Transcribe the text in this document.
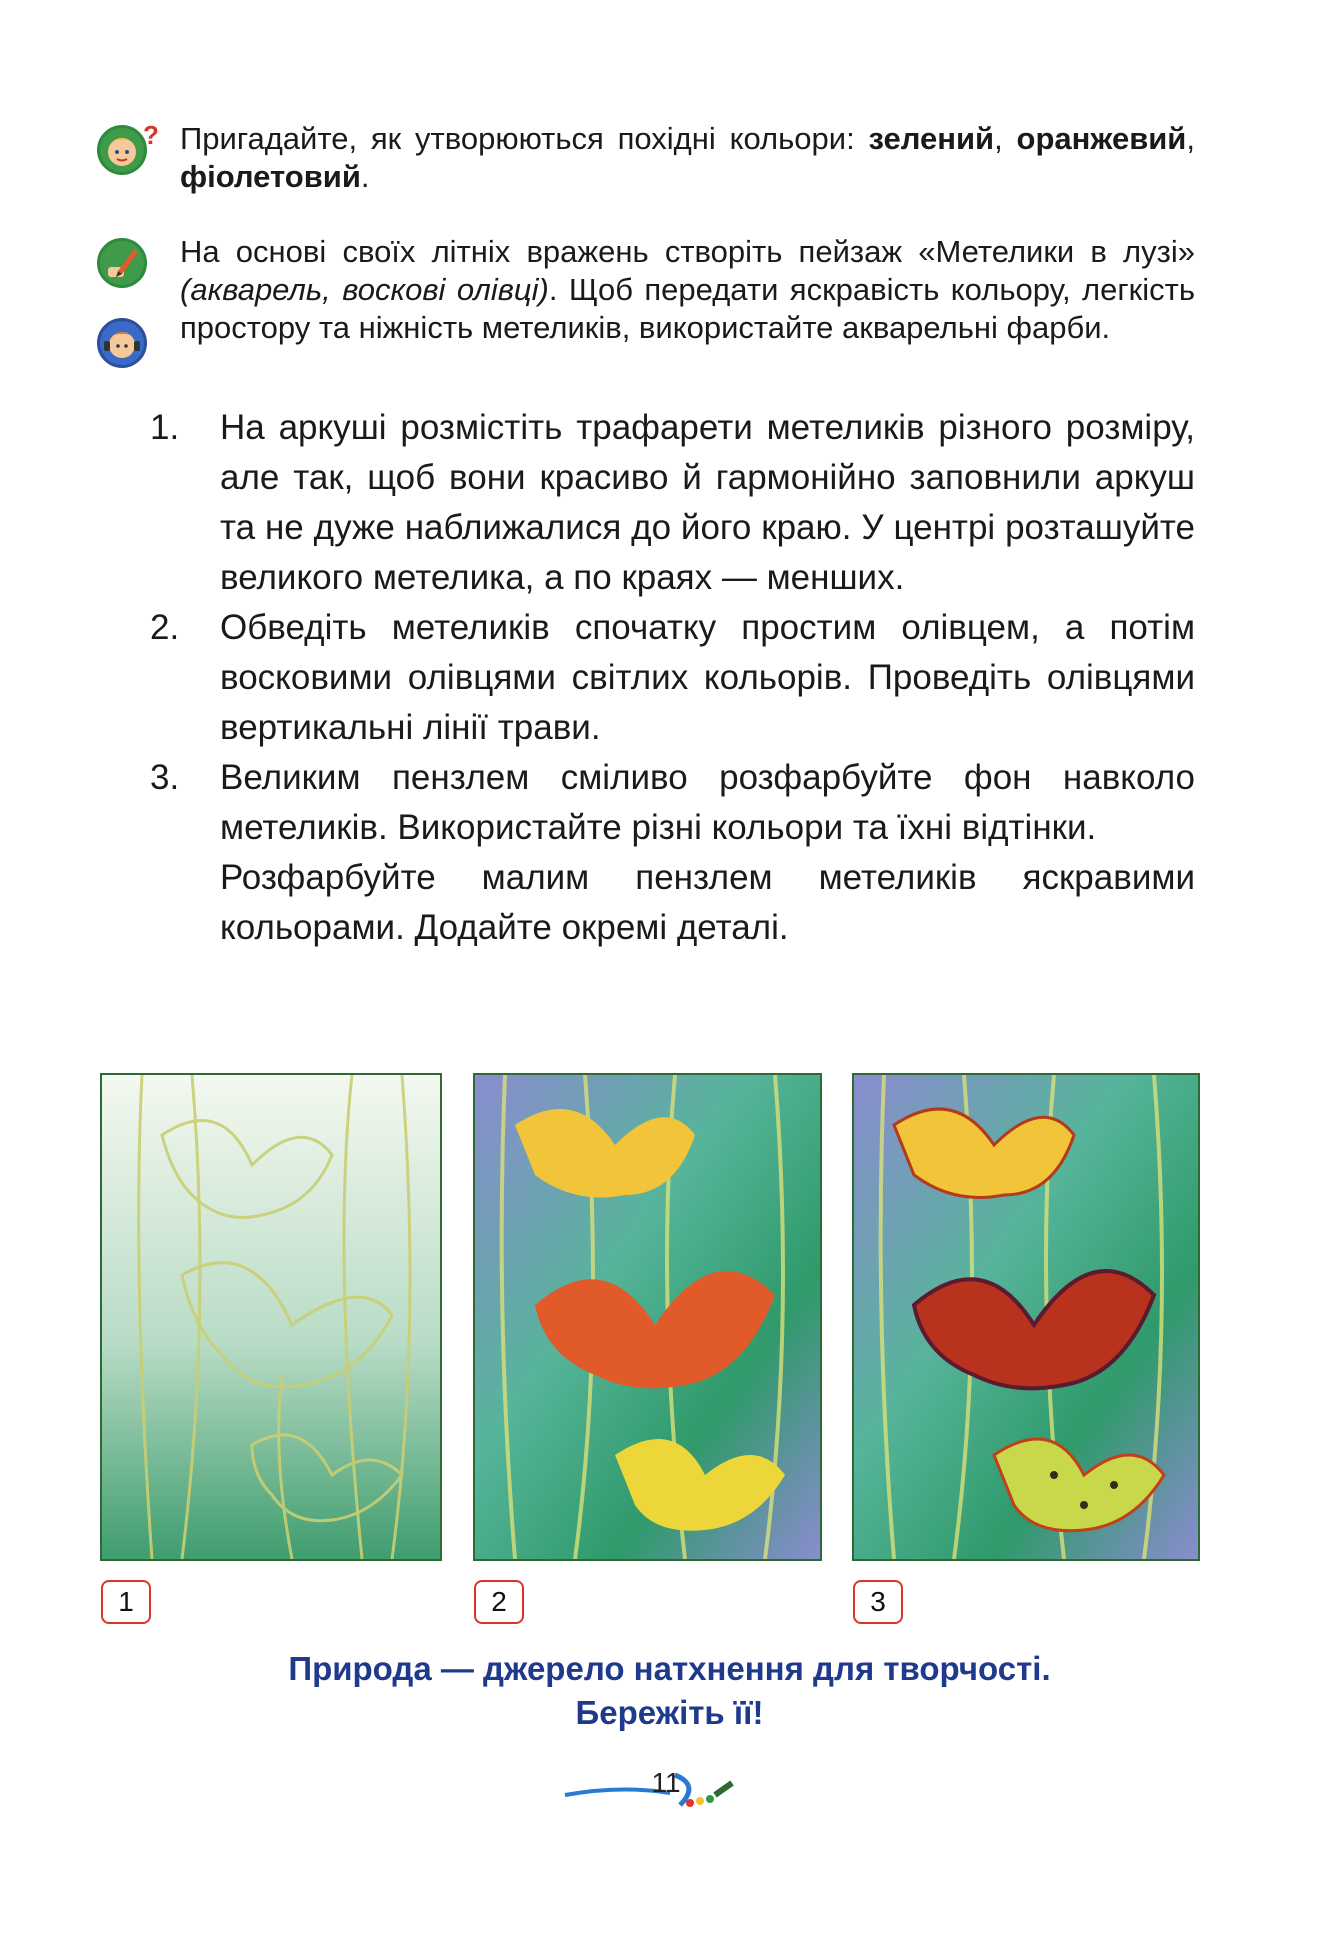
? Пригадайте, як утворюються похідні кольори: зелений, оранжевий, фіолетовий.
На основі своїх літніх вражень створіть пейзаж «Метелики в лузі» (акварель, воскові олівці). Щоб передати яскравість кольору, легкість простору та ніжність метеликів, використайте акварельні фарби.
1.	На аркуші розмістіть трафарети метеликів різного розміру, але так, щоб вони красиво й гармонійно заповнили аркуш та не дуже наближалися до його краю. У центрі розташуйте великого метелика, а по краях — менших.
2.	Обведіть метеликів спочатку простим олівцем, а потім восковими олівцями світлих кольорів. Проведіть олівцями вертикальні лінії трави.
3.	Великим пензлем сміливо розфарбуйте фон навколо метеликів. Використайте різні кольори та їхні відтінки.
Розфарбуйте малим пензлем метеликів яскравими кольорами. Додайте окремі деталі.
1	2	3
Природа — джерело натхнення для творчості.
Бережіть її!
11
